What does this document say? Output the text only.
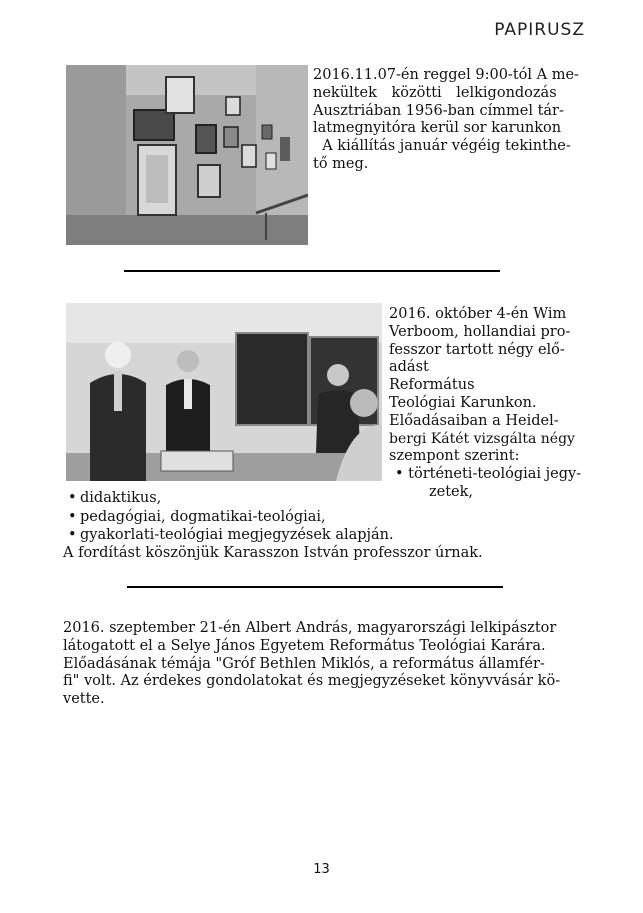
PAPIRUSZ

2016.11.07-én reggel 9:00-tól A me-

nekültek közötti lelkigondozás

Ausztriában 1956-ban címmel tár-

latmegnyitóra kerül sor karunkon

A kiállítás január végéig tekinthe-

tő meg.

2016. október 4-én Wim

Verboom, hollandiai pro-

fesszor tartott négy elő-

adást Református

Teológiai Karunkon.

Előadásaiban a Heidel-

bergi Kátét vizsgálta négy

szempont szerint:

• történeti-teológiai jegy-

zetek,

• didaktikus,
• pedagógiai, dogmatikai-teológiai,
• gyakorlati-teológiai megjegyzések alapján.
A fordítást köszönjük Karasszon István professzor úrnak.

2016. szeptember 21-én Albert András, magyarországi lelkipásztor

látogatott el a Selye János Egyetem Református Teológiai Karára.

Előadásának témája "Gróf Bethlen Miklós, a református államfér-

fi" volt. Az érdekes gondolatokat és megjegyzéseket könyvvásár kö-

vette.

13
